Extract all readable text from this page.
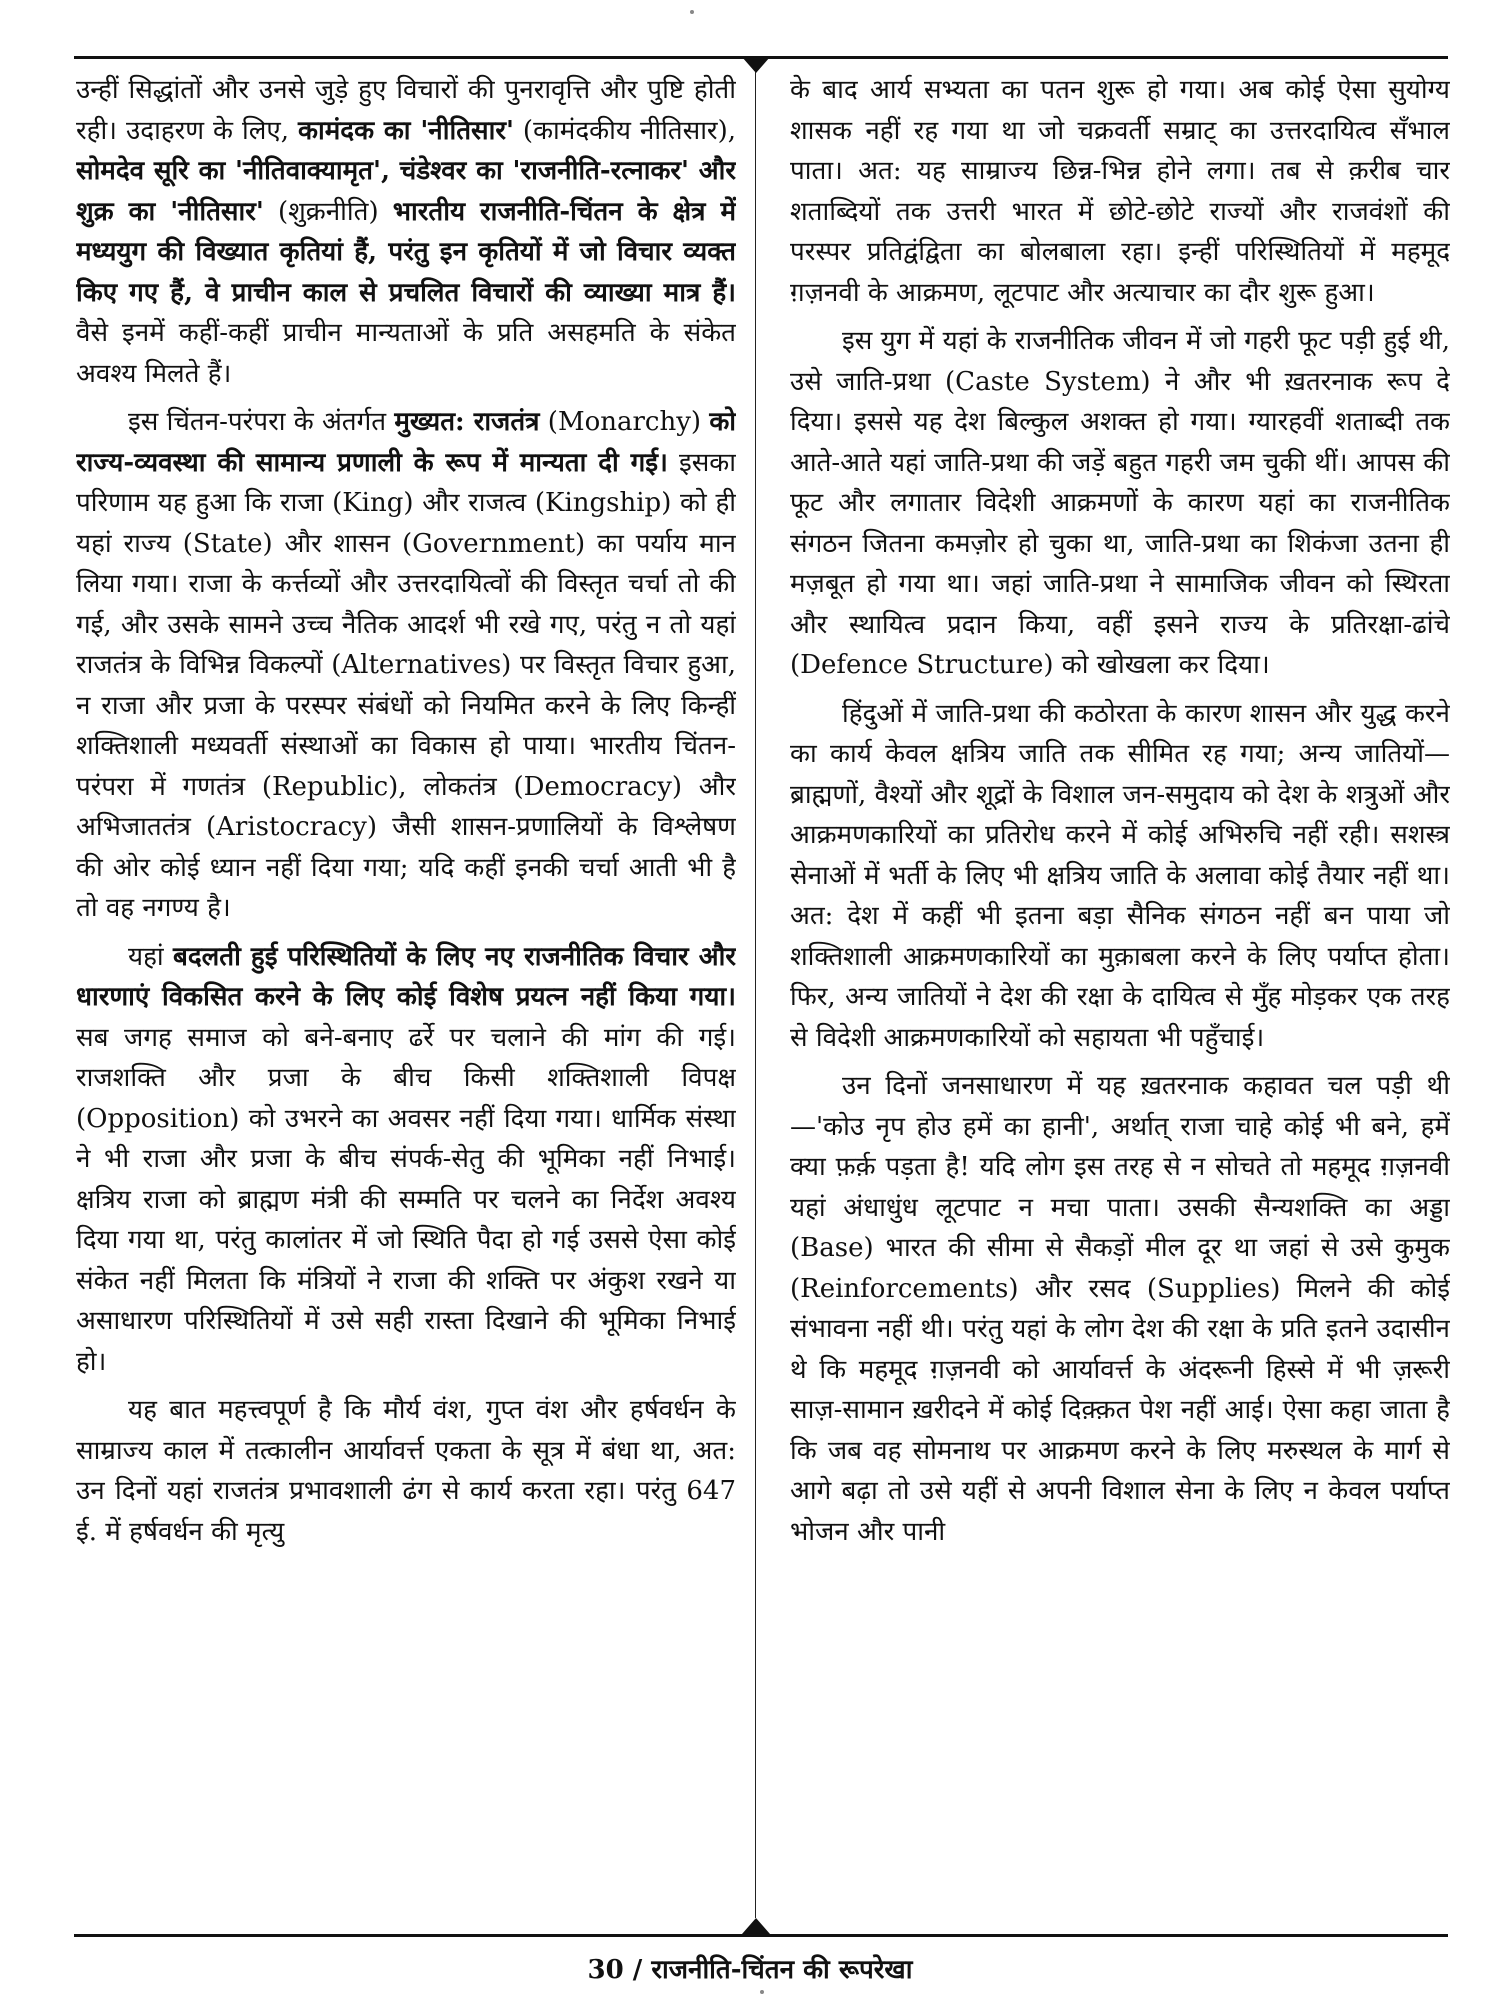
उन्हीं सिद्धांतों और उनसे जुड़े हुए विचारों की पुनरावृत्ति और पुष्टि होती रही। उदाहरण के लिए, कामंदक का 'नीतिसार' (कामंदकीय नीतिसार), सोमदेव सूरि का 'नीतिवाक्यामृत', चंडेश्वर का 'राजनीति-रत्नाकर' और शुक्र का 'नीतिसार' (शुक्रनीति) भारतीय राजनीति-चिंतन के क्षेत्र में मध्ययुग की विख्यात कृतियां हैं, परंतु इन कृतियों में जो विचार व्यक्त किए गए हैं, वे प्राचीन काल से प्रचलित विचारों की व्याख्या मात्र हैं। वैसे इनमें कहीं-कहीं प्राचीन मान्यताओं के प्रति असहमति के संकेत अवश्य मिलते हैं।

इस चिंतन-परंपरा के अंतर्गत मुख्यत: राजतंत्र (Monarchy) को राज्य-व्यवस्था की सामान्य प्रणाली के रूप में मान्यता दी गई। इसका परिणाम यह हुआ कि राजा (King) और राजत्व (Kingship) को ही यहां राज्य (State) और शासन (Government) का पर्याय मान लिया गया। राजा के कर्त्तव्यों और उत्तरदायित्वों की विस्तृत चर्चा तो की गई, और उसके सामने उच्च नैतिक आदर्श भी रखे गए, परंतु न तो यहां राजतंत्र के विभिन्न विकल्पों (Alternatives) पर विस्तृत विचार हुआ, न राजा और प्रजा के परस्पर संबंधों को नियमित करने के लिए किन्हीं शक्तिशाली मध्यवर्ती संस्थाओं का विकास हो पाया। भारतीय चिंतन-परंपरा में गणतंत्र (Republic), लोकतंत्र (Democracy) और अभिजाततंत्र (Aristocracy) जैसी शासन-प्रणालियों के विश्लेषण की ओर कोई ध्यान नहीं दिया गया; यदि कहीं इनकी चर्चा आती भी है तो वह नगण्य है।

यहां बदलती हुई परिस्थितियों के लिए नए राजनीतिक विचार और धारणाएं विकसित करने के लिए कोई विशेष प्रयत्न नहीं किया गया। सब जगह समाज को बने-बनाए ढर्रे पर चलाने की मांग की गई। राजशक्ति और प्रजा के बीच किसी शक्तिशाली विपक्ष (Opposition) को उभरने का अवसर नहीं दिया गया। धार्मिक संस्था ने भी राजा और प्रजा के बीच संपर्क-सेतु की भूमिका नहीं निभाई। क्षत्रिय राजा को ब्राह्मण मंत्री की सम्मति पर चलने का निर्देश अवश्य दिया गया था, परंतु कालांतर में जो स्थिति पैदा हो गई उससे ऐसा कोई संकेत नहीं मिलता कि मंत्रियों ने राजा की शक्ति पर अंकुश रखने या असाधारण परिस्थितियों में उसे सही रास्ता दिखाने की भूमिका निभाई हो।

यह बात महत्त्वपूर्ण है कि मौर्य वंश, गुप्त वंश और हर्षवर्धन के साम्राज्य काल में तत्कालीन आर्यावर्त्त एकता के सूत्र में बंधा था, अत: उन दिनों यहां राजतंत्र प्रभावशाली ढंग से कार्य करता रहा। परंतु 647 ई. में हर्षवर्धन की मृत्यु

के बाद आर्य सभ्यता का पतन शुरू हो गया। अब कोई ऐसा सुयोग्य शासक नहीं रह गया था जो चक्रवर्ती सम्राट् का उत्तरदायित्व सँभाल पाता। अत: यह साम्राज्य छिन्न-भिन्न होने लगा। तब से क़रीब चार शताब्दियों तक उत्तरी भारत में छोटे-छोटे राज्यों और राजवंशों की परस्पर प्रतिद्वंद्विता का बोलबाला रहा। इन्हीं परिस्थितियों में महमूद ग़ज़नवी के आक्रमण, लूटपाट और अत्याचार का दौर शुरू हुआ।

इस युग में यहां के राजनीतिक जीवन में जो गहरी फूट पड़ी हुई थी, उसे जाति-प्रथा (Caste System) ने और भी ख़तरनाक रूप दे दिया। इससे यह देश बिल्कुल अशक्त हो गया। ग्यारहवीं शताब्दी तक आते-आते यहां जाति-प्रथा की जड़ें बहुत गहरी जम चुकी थीं। आपस की फूट और लगातार विदेशी आक्रमणों के कारण यहां का राजनीतिक संगठन जितना कमज़ोर हो चुका था, जाति-प्रथा का शिकंजा उतना ही मज़बूत हो गया था। जहां जाति-प्रथा ने सामाजिक जीवन को स्थिरता और स्थायित्व प्रदान किया, वहीं इसने राज्य के प्रतिरक्षा-ढांचे (Defence Structure) को खोखला कर दिया।

हिंदुओं में जाति-प्रथा की कठोरता के कारण शासन और युद्ध करने का कार्य केवल क्षत्रिय जाति तक सीमित रह गया; अन्य जातियों—ब्राह्मणों, वैश्यों और शूद्रों के विशाल जन-समुदाय को देश के शत्रुओं और आक्रमणकारियों का प्रतिरोध करने में कोई अभिरुचि नहीं रही। सशस्त्र सेनाओं में भर्ती के लिए भी क्षत्रिय जाति के अलावा कोई तैयार नहीं था। अत: देश में कहीं भी इतना बड़ा सैनिक संगठन नहीं बन पाया जो शक्तिशाली आक्रमणकारियों का मुक़ाबला करने के लिए पर्याप्त होता। फिर, अन्य जातियों ने देश की रक्षा के दायित्व से मुँह मोड़कर एक तरह से विदेशी आक्रमणकारियों को सहायता भी पहुँचाई।

उन दिनों जनसाधारण में यह ख़तरनाक कहावत चल पड़ी थी—'कोउ नृप होउ हमें का हानी', अर्थात् राजा चाहे कोई भी बने, हमें क्या फ़र्क़ पड़ता है! यदि लोग इस तरह से न सोचते तो महमूद ग़ज़नवी यहां अंधाधुंध लूटपाट न मचा पाता। उसकी सैन्यशक्ति का अड्डा (Base) भारत की सीमा से सैकड़ों मील दूर था जहां से उसे कुमुक (Reinforcements) और रसद (Supplies) मिलने की कोई संभावना नहीं थी। परंतु यहां के लोग देश की रक्षा के प्रति इतने उदासीन थे कि महमूद ग़ज़नवी को आर्यावर्त्त के अंदरूनी हिस्से में भी ज़रूरी साज़-सामान ख़रीदने में कोई दिक़्क़त पेश नहीं आई। ऐसा कहा जाता है कि जब वह सोमनाथ पर आक्रमण करने के लिए मरुस्थल के मार्ग से आगे बढ़ा तो उसे यहीं से अपनी विशाल सेना के लिए न केवल पर्याप्त भोजन और पानी

30 / राजनीति-चिंतन की रूपरेखा
